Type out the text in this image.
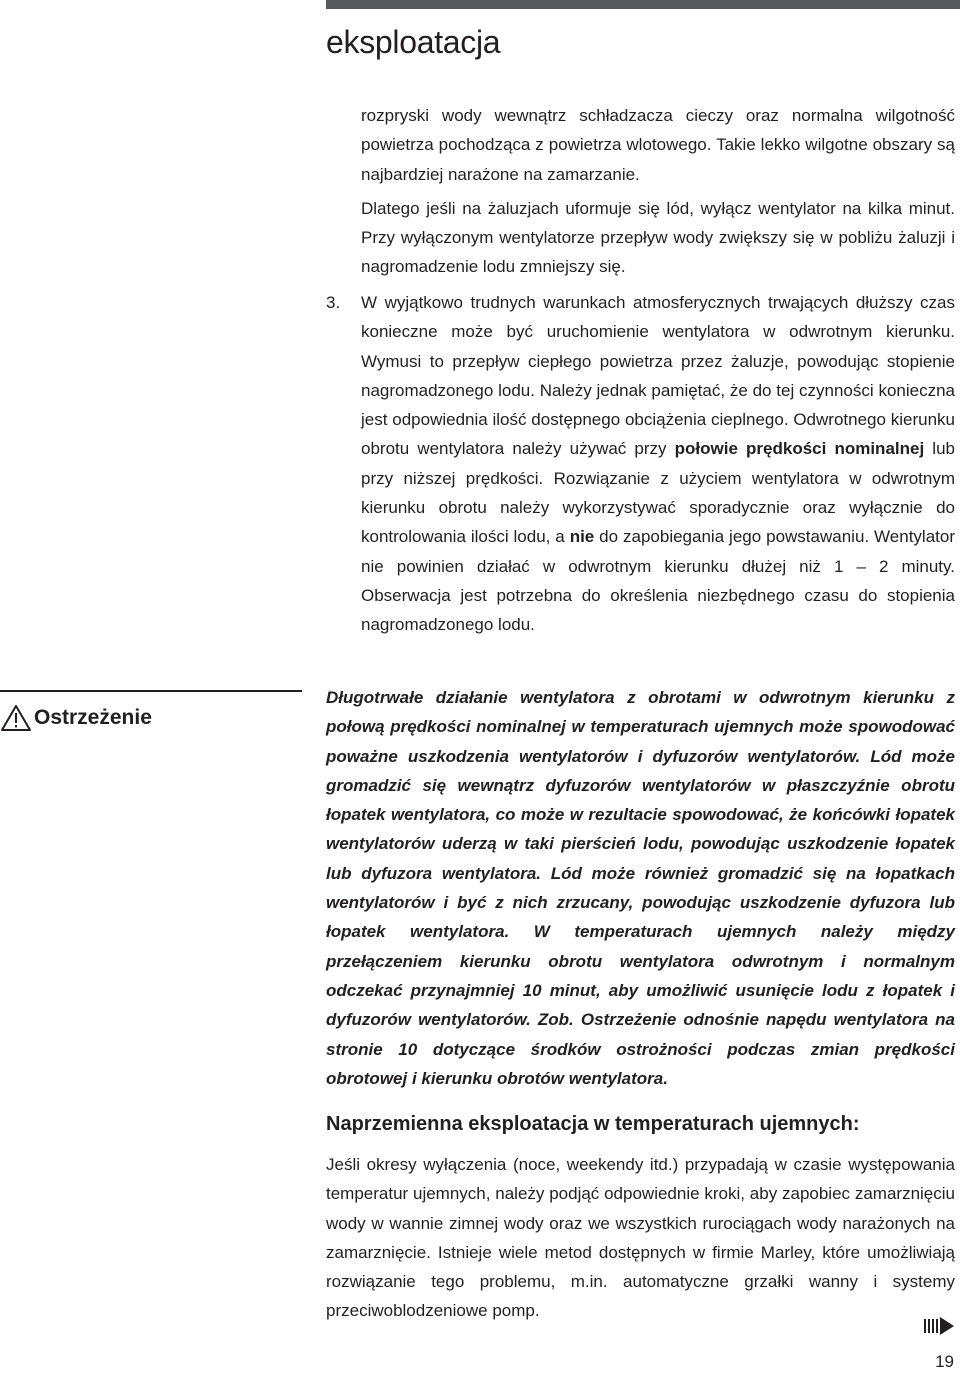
eksploatacja

rozpryski wody wewnątrz schładzacza cieczy oraz normalna wilgotność powietrza pochodząca z powietrza wlotowego. Takie lekko wilgotne obszary są najbardziej narażone na zamarzanie.

Dlatego jeśli na żaluzjach uformuje się lód, wyłącz wentylator na kilka minut. Przy wyłączonym wentylatorze przepływ wody zwiększy się w pobliżu żaluzji i nagromadzenie lodu zmniejszy się.

3. W wyjątkowo trudnych warunkach atmosferycznych trwających dłuższy czas konieczne może być uruchomienie wentylatora w odwrotnym kierunku. Wymusi to przepływ ciepłego powietrza przez żaluzje, powodując stopienie nagromadzonego lodu. Należy jednak pamiętać, że do tej czynności konieczna jest odpowiednia ilość dostępnego obciążenia cieplnego. Odwrotnego kierunku obrotu wentylatora należy używać przy połowie prędkości nominalnej lub przy niższej prędkości. Rozwiązanie z użyciem wentylatora w odwrotnym kierunku obrotu należy wykorzystywać sporadycznie oraz wyłącznie do kontrolowania ilości lodu, a nie do zapobiegania jego powstawaniu. Wentylator nie powinien działać w odwrotnym kierunku dłużej niż 1 – 2 minuty. Obserwacja jest potrzebna do określenia niezbędnego czasu do stopienia nagromadzonego lodu.

Ostrzeżenie

Długotrwałe działanie wentylatora z obrotami w odwrotnym kierunku z połową prędkości nominalnej w temperaturach ujemnych może spowodować poważne uszkodzenia wentylatorów i dyfuzorów wentylatorów. Lód może gromadzić się wewnątrz dyfuzorów wentylatorów w płaszczyźnie obrotu łopatek wentylatora, co może w rezultacie spowodować, że końcówki łopatek wentylatorów uderzą w taki pierścień lodu, powodując uszkodzenie łopatek lub dyfuzora wentylatora. Lód może również gromadzić się na łopatkach wentylatorów i być z nich zrzucany, powodując uszkodzenie dyfuzora lub łopatek wentylatora. W temperaturach ujemnych należy między przełączeniem kierunku obrotu wentylatora odwrotnym i normalnym odczekać przynajmniej 10 minut, aby umożliwić usunięcie lodu z łopatek i dyfuzorów wentylatorów. Zob. Ostrzeżenie odnośnie napędu wentylatora na stronie 10 dotyczące środków ostrożności podczas zmian prędkości obrotowej i kierunku obrotów wentylatora.

Naprzemienna eksploatacja w temperaturach ujemnych:

Jeśli okresy wyłączenia (noce, weekendy itd.) przypadają w czasie występowania temperatur ujemnych, należy podjąć odpowiednie kroki, aby zapobiec zamarznięciu wody w wannie zimnej wody oraz we wszystkich rurociągach wody narażonych na zamarznięcie. Istnieje wiele metod dostępnych w firmie Marley, które umożliwiają rozwiązanie tego problemu, m.in. automatyczne grzałki wanny i systemy przeciwoblodzeniowe pomp.

19
